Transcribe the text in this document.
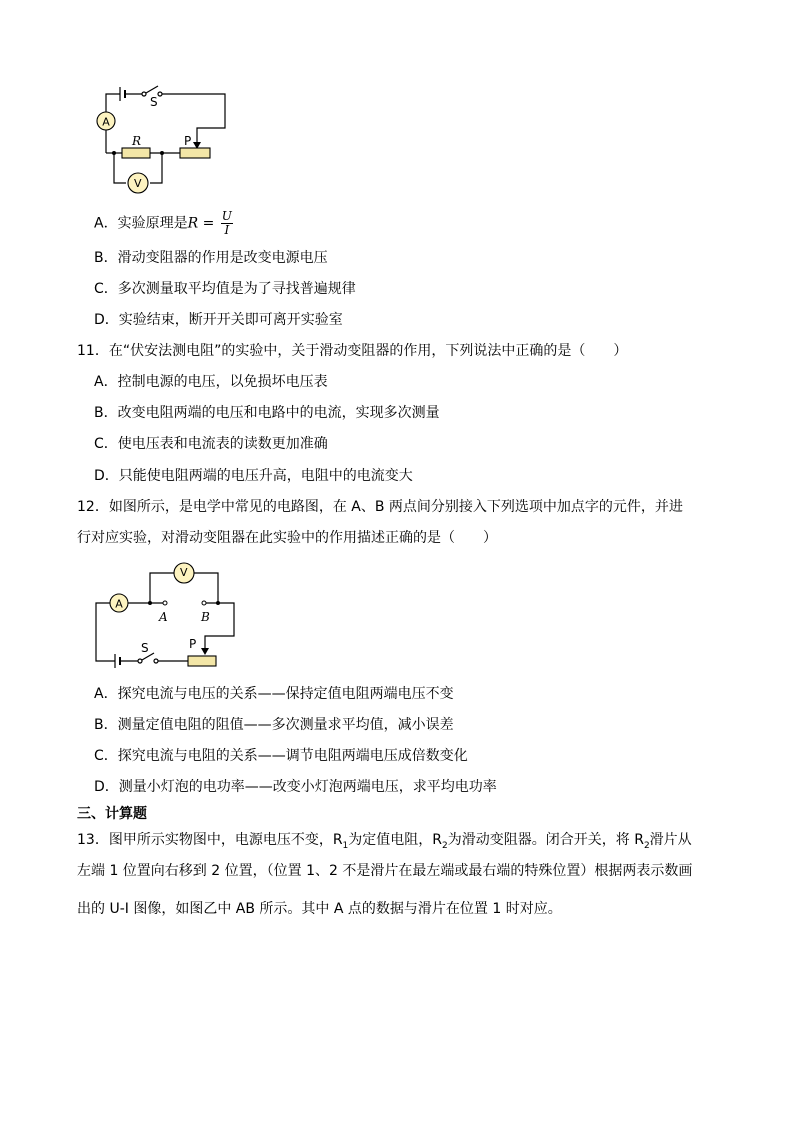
A
S
R	P
V
A．实验原理是$R = \frac{U}{I}$
B．滑动变阻器的作用是改变电源电压
C．多次测量取平均值是为了寻找普遍规律
D．实验结束，断开开关即可离开实验室
11．在“伏安法测电阻”的实验中，关于滑动变阻器的作用，下列说法中正确的是（　　）
A．控制电源的电压，以免损坏电压表
B．改变电阻两端的电压和电路中的电流，实现多次测量
C．使电压表和电流表的读数更加准确
D．只能使电阻两端的电压升高，电阻中的电流变大
12．如图所示，是电学中常见的电路图，在 A、B 两点间分别接入下列选项中加点字的元件，并进
行对应实验，对滑动变阻器在此实验中的作用描述正确的是（　　）
A
V
A	B
S	P
A．探究电流与电压的关系——保持定值电阻两端电压不变
B．测量定值电阻的阻值——多次测量求平均值，减小误差
C．探究电流与电阻的关系——调节电阻两端电压成倍数变化
D．测量小灯泡的电功率——改变小灯泡两端电压，求平均电功率
三、计算题
13．图甲所示实物图中，电源电压不变，$R_1$为定值电阻，$R_2$为滑动变阻器。闭合开关，将 $R_2$滑片从
左端 1 位置向右移到 2 位置，（位置 1、2 不是滑片在最左端或最右端的特殊位置）根据两表示数画
出的 U-I 图像，如图乙中 AB 所示。其中 A 点的数据与滑片在位置 1 时对应。
